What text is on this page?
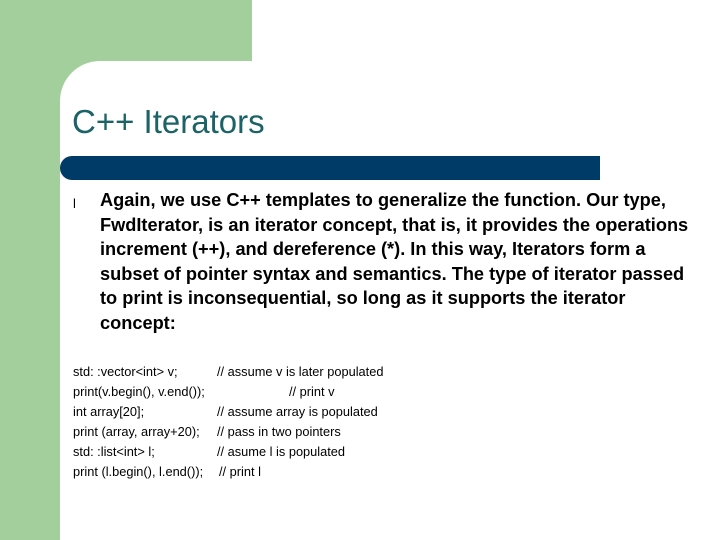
C++ Iterators
l Again, we use C++ templates to generalize the function. Our type, FwdIterator, is an iterator concept, that is, it provides the operations increment (++), and dereference (*). In this way, Iterators form a subset of pointer syntax and semantics. The type of iterator passed to print is inconsequential, so long as it supports the iterator concept:

std: :vector<int> v;	// assume v is later populated
print(v.begin(), v.end());	// print v
int array[20];	// assume array is populated
print (array, array+20); // pass in two pointers
std: :list<int> l;	// asume l is populated
print (l.begin(), l.end()); // print l
